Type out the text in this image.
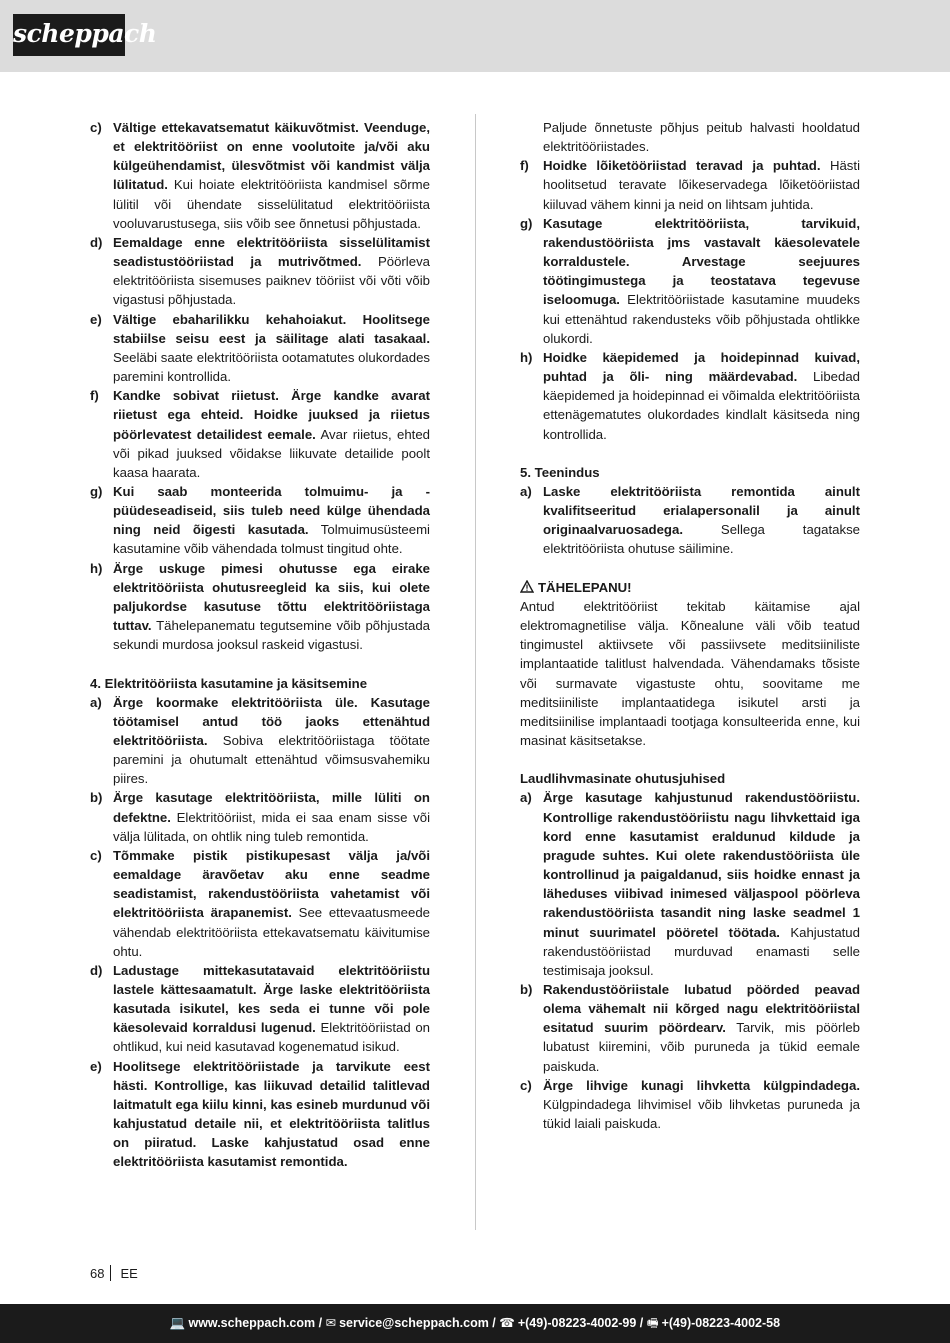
scheppach
c) Vältige ettekavatsematut käikuvõtmist. Veenduge, et elektritööriist on enne voolutoite ja/või aku külgeühendamist, ülesvõtmist või kandmist välja lülitatud. Kui hoiate elektritööriista kandmisel sõrme lülitil või ühendate sisselülitatud elektritööriista vooluvarustusega, siis võib see õnnetusi põhjustada.
d) Eemaldage enne elektritööriista sisselülitamist seadistustööriistad ja mutrivõtmed. Pöörleva elektritööriista sisemuses paiknev tööriist või võti võib vigastusi põhjustada.
e) Vältige ebaharilikku kehahoiakut. Hoolitsege stabiilse seisu eest ja säilitage alati tasakaal. Seeläbi saate elektritööriista ootamatutes olukordades paremini kontrollida.
f)	Kandke sobivat riietust. Ärge kandke avarat riietust ega ehteid. Hoidke juuksed ja riietus pöörlevatest detailidest eemale. Avar riietus, ehted või pikad juuksed võidakse liikuvate detailide poolt kaasa haarata.
g) Kui saab monteerida tolmuimu- ja -püüdeseadiseid, siis tuleb need külge ühendada ning neid õigesti kasutada. Tolmuimusüsteemi kasutamine võib vähendada tolmust tingitud ohte.
h) Ärge uskuge pimesi ohutusse ega eirake elektritööriista ohutusreegleid ka siis, kui olete paljukordse kasutuse tõttu elektritööriistaga tuttav. Tähelepanematu tegutsemine võib põhjustada sekundi murdosa jooksul raskeid vigastusi.
4. Elektritööriista kasutamine ja käsitsemine
a) Ärge koormake elektritööriista üle. Kasutage töötamisel antud töö jaoks ettenähtud elektritööriista. Sobiva elektritööriistaga töötate paremini ja ohutumalt ettenähtud võimsusvahemiku piires.
b) Ärge kasutage elektritööriista, mille lüliti on defektne. Elektritööriist, mida ei saa enam sisse või välja lülitada, on ohtlik ning tuleb remontida.
c) Tõmmake pistik pistikupesast välja ja/või eemaldage äravõetav aku enne seadme seadistamist, rakendustööriista vahetamist või elektritööriista ärapanemist. See ettevaatusmeede vähendab elektritööriista ettekavatsematu käivitumise ohtu.
d) Ladustage mittekasutatavaid elektritööriistu lastele kättesaamatult. Ärge laske elektritööriista kasutada isikutel, kes seda ei tunne või pole käesolevaid korraldusi lugenud. Elektritööriistad on ohtlikud, kui neid kasutavad kogenematud isikud.
e) Hoolitsege elektritööriistade ja tarvikute eest hästi. Kontrollige, kas liikuvad detailid talitlevad laitmatult ega kiilu kinni, kas esineb murdunud või kahjustatud detaile nii, et elektritööriista talitlus on piiratud. Laske kahjustatud osad enne elektritööriista kasutamist remontida.
Paljude õnnetuste põhjus peitub halvasti hooldatud elektritööriistades.
f)	Hoidke lõiketööriistad teravad ja puhtad. Hästi hoolitsetud teravate lõikeservadega lõiketööriistad kiiluvad vähem kinni ja neid on lihtsam juhtida.
g) Kasutage elektritööriista, tarvikuid, rakendustööriista jms vastavalt käesolevatele korraldustele. Arvestage seejuures töötingimustega ja teostatava tegevuse iseloomuga. Elektritööriistade kasutamine muudeks kui ettenähtud rakendusteks võib põhjustada ohtlikke olukordi.
h) Hoidke käepidemed ja hoidepinnad kuivad, puhtad ja õli- ning määrdevabad. Libedad käepidemed ja hoidepinnad ei võimalda elektritööriista ettenägematutes olukordades kindlalt käsitseda ning kontrollida.
5. Teenindus
a) Laske elektritööriista remontida ainult kvalifitseeritud erialapersonalil ja ainult originaalvaruosadega. Sellega tagatakse elektritööriista ohutuse säilimine.
TÄHELEPANU!
Antud elektritööriist tekitab käitamise ajal elektromagnetilise välja. Kõnealune väli võib teatud tingimustel aktiivsete või passiivsete meditsiiniliste implantaatide talitlust halvendada. Vähendamaks tõsiste või surmavate vigastuste ohtu, soovitame me meditsiiniliste implantaatidega isikutel arsti ja meditsiinilise implantaadi tootjaga konsulteerida enne, kui masinat käsitsetakse.
Laudlihvmasinate ohutusjuhised
a) Ärge kasutage kahjustunud rakendustööriistu. Kontrollige rakendustööriistu nagu lihvkettaid iga kord enne kasutamist eraldunud kildude ja pragude suhtes. Kui olete rakendustööriista üle kontrollinud ja paigaldanud, siis hoidke ennast ja läheduses viibivad inimesed väljaspool pöörleva rakendustööriista tasandit ning laske seadmel 1 minut suurimatel pööretel töötada. Kahjustatud rakendustööriistad murduvad enamasti selle testimisaja jooksul.
b) Rakendustööriistale lubatud pöörded peavad olema vähemalt nii kõrged nagu elektritööriistal esitatud suurim pöördearv. Tarvik, mis pöörleb lubatust kiiremini, võib puruneda ja tükid eemale paiskuda.
c) Ärge lihvige kunagi lihvketta külgpindadega. Külgpindadega lihvimisel võib lihvketas puruneda ja tükid laiali paiskuda.
68 EE
💻 www.scheppach.com / ✉ service@scheppach.com / ☎ +(49)-08223-4002-99 / 🖷 +(49)-08223-4002-58
